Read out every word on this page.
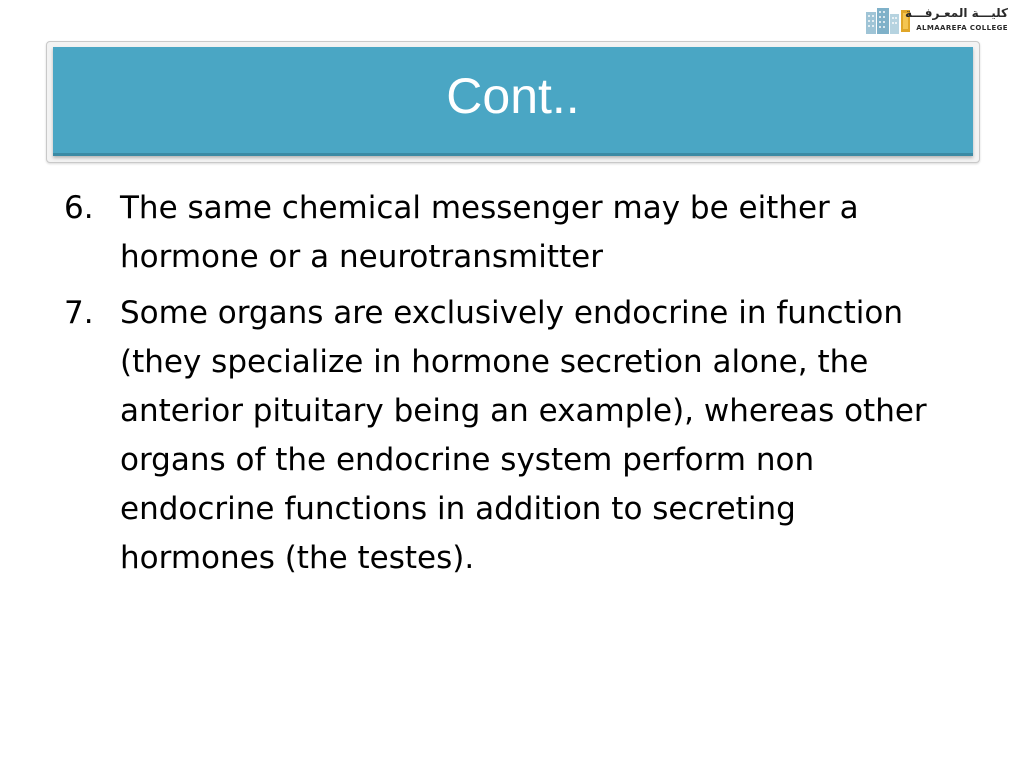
كليـــة المعـرفـــة
ALMAAREFA COLLEGE
Cont..
6. The same chemical messenger may be either a hormone or a neurotransmitter
7. Some organs are exclusively endocrine in function (they specialize in hormone secretion alone, the anterior pituitary being an example), whereas other organs of the endocrine system perform non endocrine functions in addition to secreting hormones (the testes).
